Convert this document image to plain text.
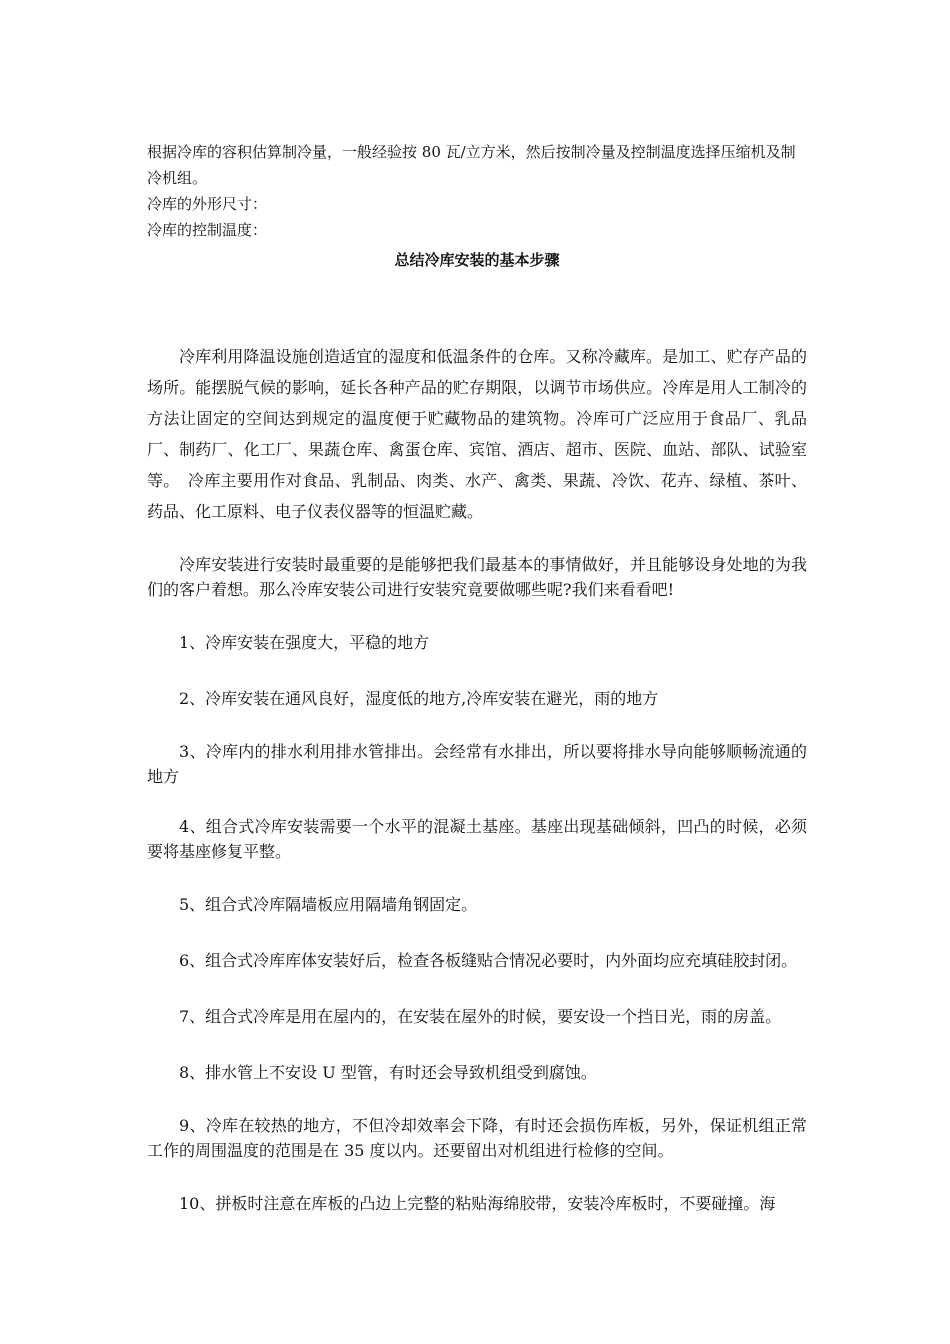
根据冷库的容积估算制冷量，一般经验按 80 瓦/立方米，然后按制冷量及控制温度选择压缩机及制冷机组。

冷库的外形尺寸：

冷库的控制温度：

总结冷库安装的基本步骤

冷库利用降温设施创造适宜的湿度和低温条件的仓库。又称冷藏库。是加工、贮存产品的场所。能摆脱气候的影响，延长各种产品的贮存期限，以调节市场供应。冷库是用人工制冷的方法让固定的空间达到规定的温度便于贮藏物品的建筑物。冷库可广泛应用于食品厂、乳品厂、制药厂、化工厂、果蔬仓库、禽蛋仓库、宾馆、酒店、超市、医院、血站、部队、试验室等。　冷库主要用作对食品、乳制品、肉类、水产、禽类、果蔬、冷饮、花卉、绿植、茶叶、药品、化工原料、电子仪表仪器等的恒温贮藏。

冷库安装进行安装时最重要的是能够把我们最基本的事情做好，并且能够设身处地的为我们的客户着想。那么冷库安装公司进行安装究竟要做哪些呢?我们来看看吧!

1、冷库安装在强度大，平稳的地方

2、冷库安装在通风良好，湿度低的地方,冷库安装在避光，雨的地方

3、冷库内的排水利用排水管排出。会经常有水排出，所以要将排水导向能够顺畅流通的地方

4、组合式冷库安装需要一个水平的混凝土基座。基座出现基础倾斜，凹凸的时候，必须要将基座修复平整。

5、组合式冷库隔墙板应用隔墙角钢固定。

6、组合式冷库库体安装好后，检查各板缝贴合情况必要时，内外面均应充填硅胶封闭。

7、组合式冷库是用在屋内的，在安装在屋外的时候，要安设一个挡日光，雨的房盖。

8、排水管上不安设 U 型管，有时还会导致机组受到腐蚀。

9、冷库在较热的地方，不但冷却效率会下降，有时还会损伤库板，另外，保证机组正常工作的周围温度的范围是在 35 度以内。还要留出对机组进行检修的空间。

10、拼板时注意在库板的凸边上完整的粘贴海绵胶带，安装冷库板时，不要碰撞。海
